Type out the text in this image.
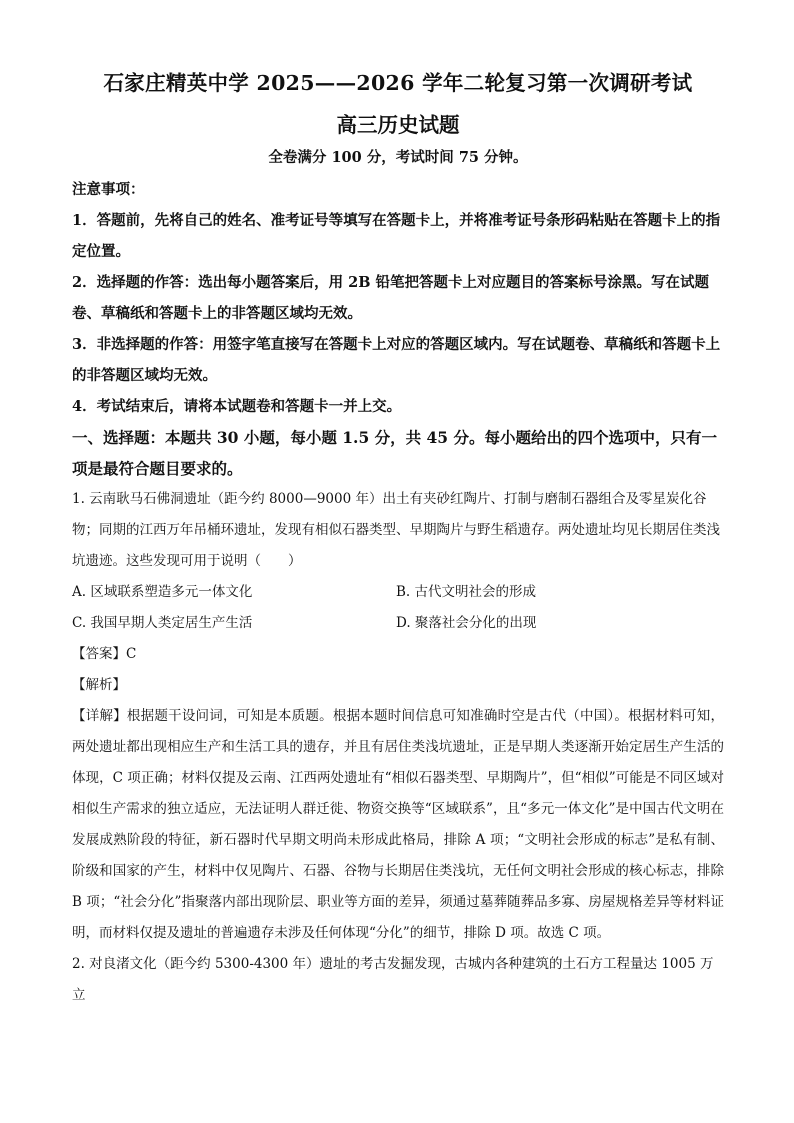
石家庄精英中学 2025——2026 学年二轮复习第一次调研考试
高三历史试题

全卷满分 100 分，考试时间 75 分钟。

注意事项：

1．答题前，先将自己的姓名、准考证号等填写在答题卡上，并将准考证号条形码粘贴在答题卡上的指定位置。

2．选择题的作答：选出每小题答案后，用 2B 铅笔把答题卡上对应题目的答案标号涂黑。写在试题卷、草稿纸和答题卡上的非答题区域均无效。

3．非选择题的作答：用签字笔直接写在答题卡上对应的答题区域内。写在试题卷、草稿纸和答题卡上的非答题区域均无效。

4．考试结束后，请将本试题卷和答题卡一并上交。

一、选择题：本题共 30 小题，每小题 1.5 分，共 45 分。每小题给出的四个选项中，只有一项是最符合题目要求的。

1. 云南耿马石佛洞遗址（距今约 8000—9000 年）出土有夹砂红陶片、打制与磨制石器组合及零星炭化谷物；同期的江西万年吊桶环遗址，发现有相似石器类型、早期陶片与野生稻遗存。两处遗址均见长期居住类浅坑遗迹。这些发现可用于说明（　　）

A. 区域联系塑造多元一体文化	B. 古代文明社会的形成
C. 我国早期人类定居生产生活	D. 聚落社会分化的出现

【答案】C

【解析】

【详解】根据题干设问词，可知是本质题。根据本题时间信息可知准确时空是古代（中国）。根据材料可知，两处遗址都出现相应生产和生活工具的遗存，并且有居住类浅坑遗址，正是早期人类逐渐开始定居生产生活的体现，C 项正确；材料仅提及云南、江西两处遗址有“相似石器类型、早期陶片”，但“相似”可能是不同区域对相似生产需求的独立适应，无法证明人群迁徙、物资交换等“区域联系”，且“多元一体文化”是中国古代文明在发展成熟阶段的特征，新石器时代早期文明尚未形成此格局，排除 A 项；“文明社会形成的标志”是私有制、阶级和国家的产生，材料中仅见陶片、石器、谷物与长期居住类浅坑，无任何文明社会形成的核心标志，排除 B 项；“社会分化”指聚落内部出现阶层、职业等方面的差异，须通过墓葬随葬品多寡、房屋规格差异等材料证明，而材料仅提及遗址的普遍遗存未涉及任何体现“分化”的细节，排除 D 项。故选 C 项。

2. 对良渚文化（距今约 5300-4300 年）遗址的考古发掘发现，古城内各种建筑的土石方工程量达 1005 万立
